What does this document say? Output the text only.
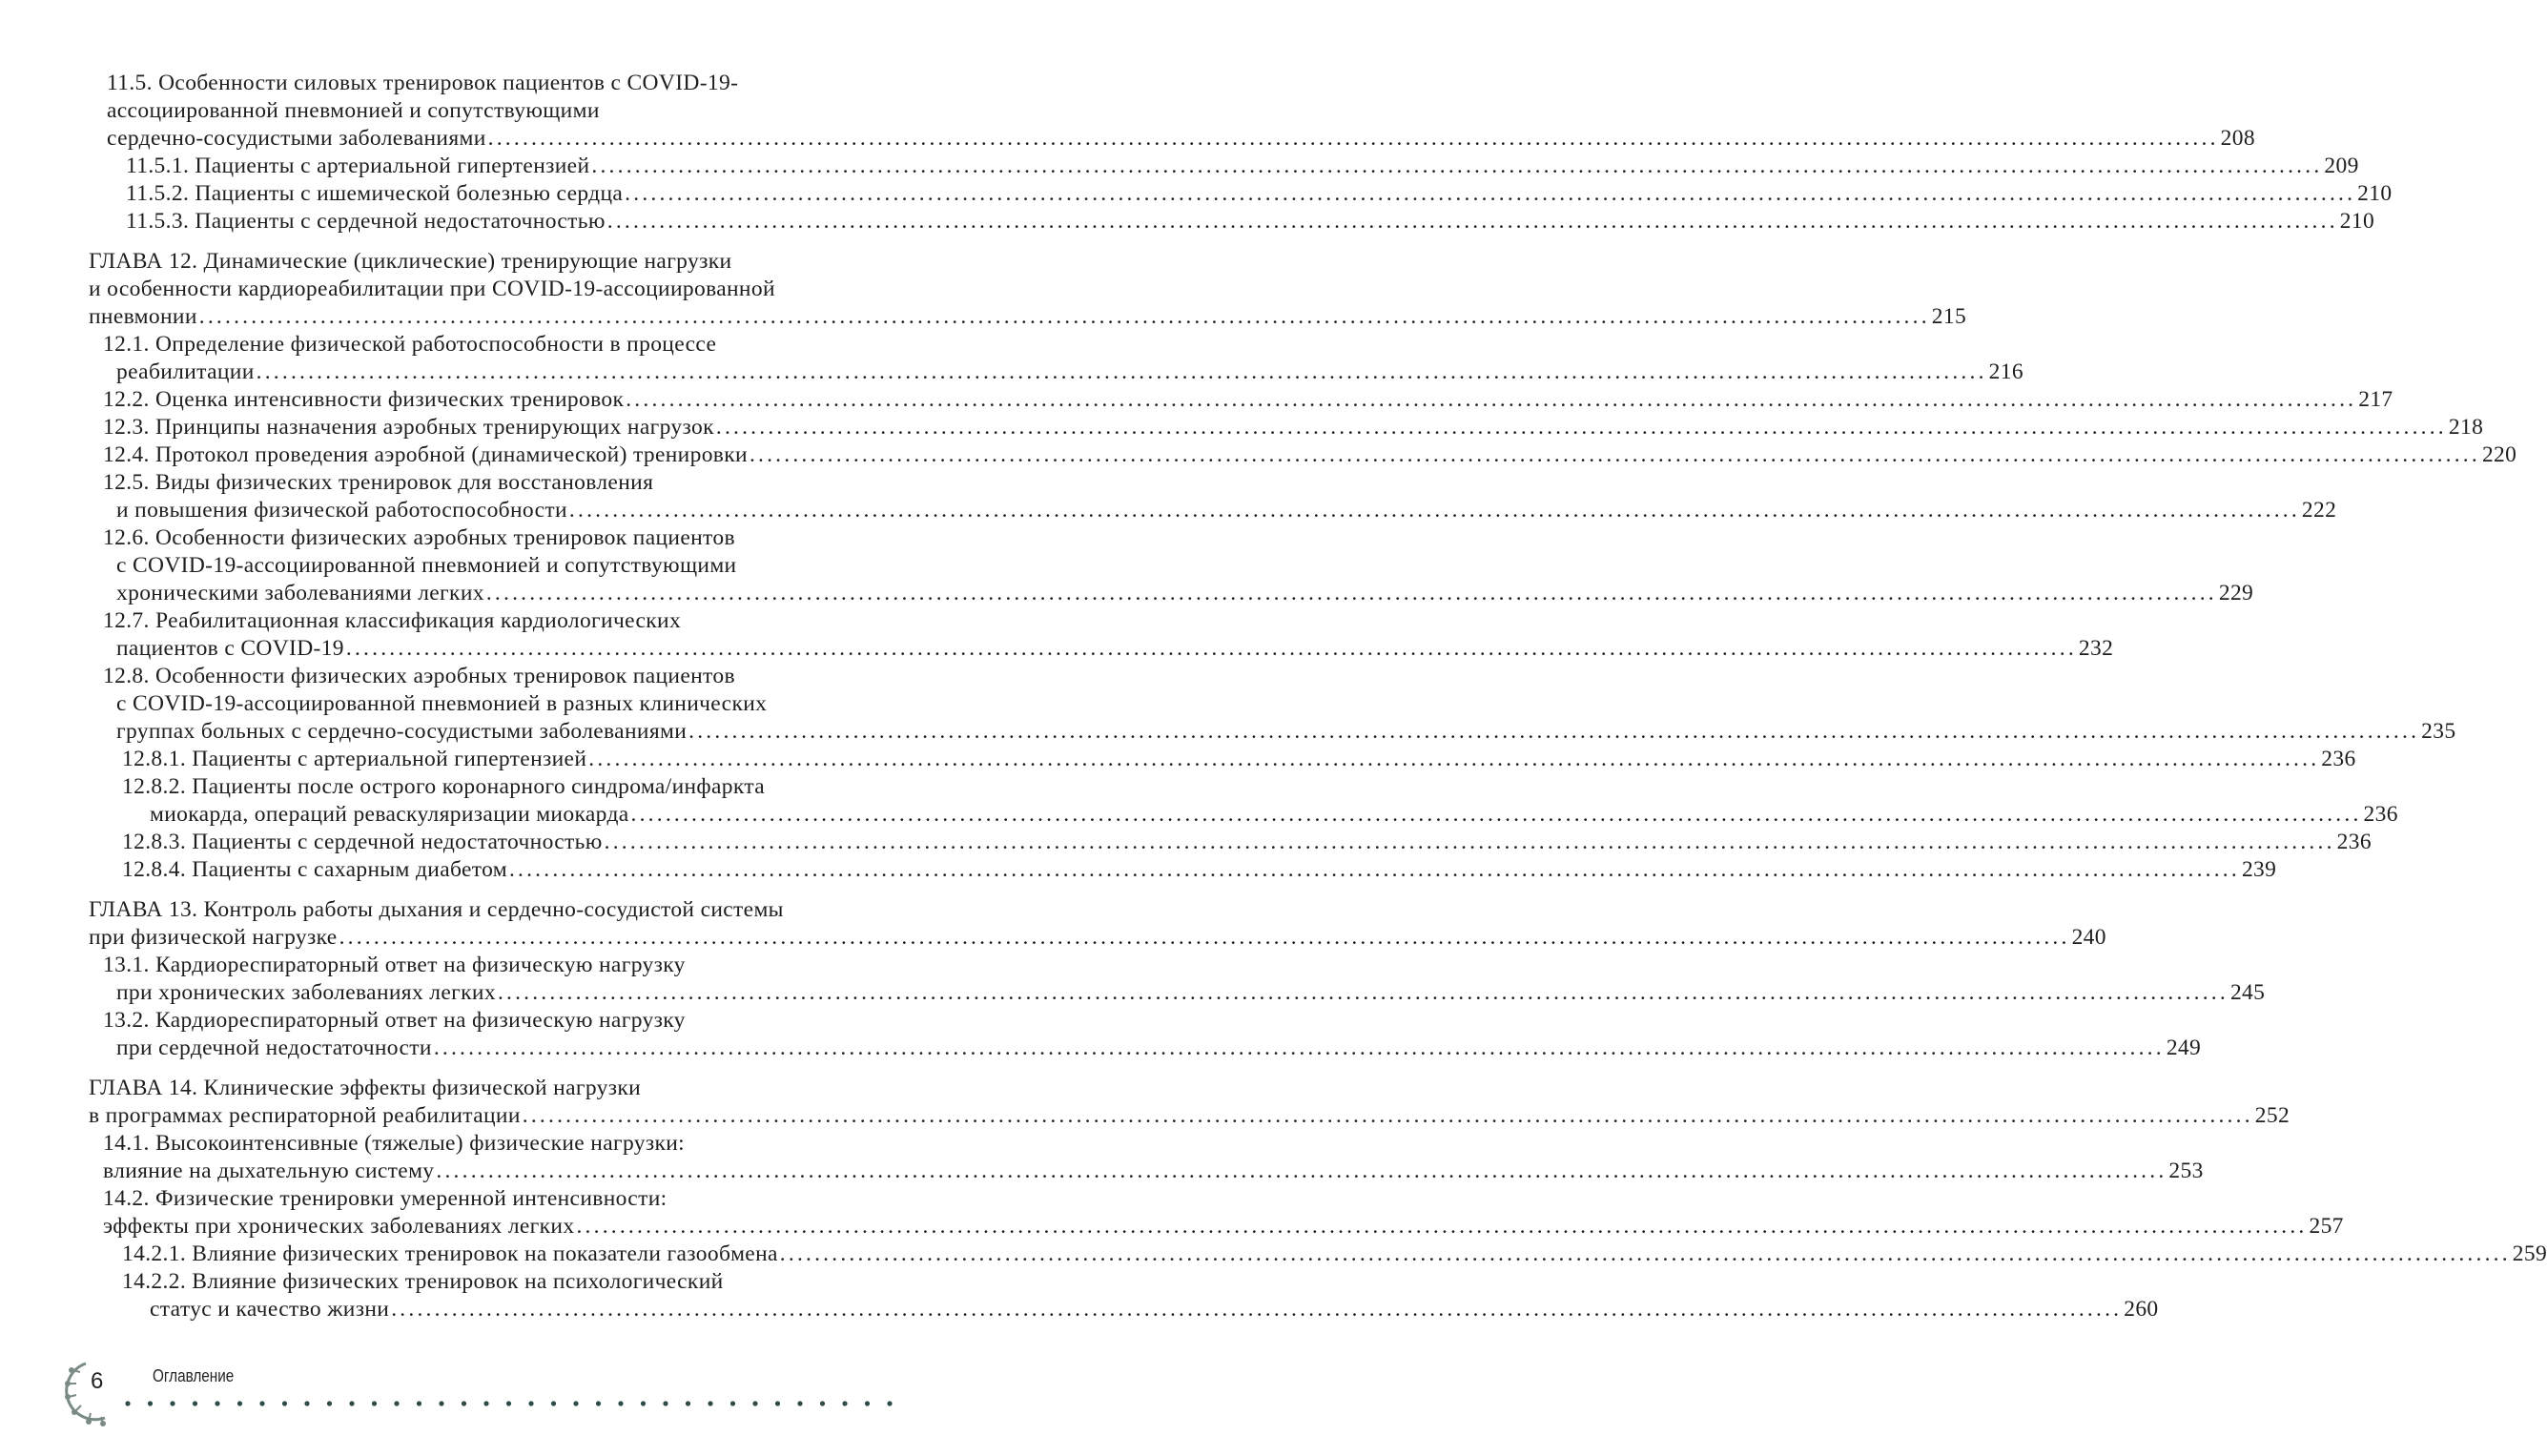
11.5. Особенности силовых тренировок пациентов с COVID-19-
ассоциированной пневмонией и сопутствующими
сердечно-сосудистыми заболеваниями ........................................................................................................................................................................................................ 208
11.5.1. Пациенты с артериальной гипертензией ........................................................................................................................................................................................................ 209
11.5.2. Пациенты с ишемической болезнью сердца ........................................................................................................................................................................................................ 210
11.5.3. Пациенты с сердечной недостаточностью ........................................................................................................................................................................................................ 210
ГЛАВА 12. Динамические (циклические) тренирующие нагрузки
и особенности кардиореабилитации при COVID-19-ассоциированной
пневмонии ........................................................................................................................................................................................................ 215
12.1. Определение физической работоспособности в процессе
реабилитации ........................................................................................................................................................................................................ 216
12.2. Оценка интенсивности физических тренировок ........................................................................................................................................................................................................ 217
12.3. Принципы назначения аэробных тренирующих нагрузок ........................................................................................................................................................................................................ 218
12.4. Протокол проведения аэробной (динамической) тренировки ........................................................................................................................................................................................................ 220
12.5. Виды физических тренировок для восстановления
и повышения физической работоспособности ........................................................................................................................................................................................................ 222
12.6. Особенности физических аэробных тренировок пациентов
с COVID-19-ассоциированной пневмонией и сопутствующими
хроническими заболеваниями легких ........................................................................................................................................................................................................ 229
12.7. Реабилитационная классификация кардиологических
пациентов с COVID-19 ........................................................................................................................................................................................................ 232
12.8. Особенности физических аэробных тренировок пациентов
с COVID-19-ассоциированной пневмонией в разных клинических
группах больных с сердечно-сосудистыми заболеваниями ........................................................................................................................................................................................................ 235
12.8.1. Пациенты с артериальной гипертензией ........................................................................................................................................................................................................ 236
12.8.2. Пациенты после острого коронарного синдрома/инфаркта
миокарда, операций реваскуляризации миокарда ........................................................................................................................................................................................................ 236
12.8.3. Пациенты с сердечной недостаточностью ........................................................................................................................................................................................................ 236
12.8.4. Пациенты с сахарным диабетом ........................................................................................................................................................................................................ 239
ГЛАВА 13. Контроль работы дыхания и сердечно-сосудистой системы
при физической нагрузке ........................................................................................................................................................................................................ 240
13.1. Кардиореспираторный ответ на физическую нагрузку
при хронических заболеваниях легких ........................................................................................................................................................................................................ 245
13.2. Кардиореспираторный ответ на физическую нагрузку
при сердечной недостаточности ........................................................................................................................................................................................................ 249
ГЛАВА 14. Клинические эффекты физической нагрузки
в программах респираторной реабилитации ........................................................................................................................................................................................................ 252
14.1. Высокоинтенсивные (тяжелые) физические нагрузки:
влияние на дыхательную систему ........................................................................................................................................................................................................ 253
14.2. Физические тренировки умеренной интенсивности:
эффекты при хронических заболеваниях легких ........................................................................................................................................................................................................ 257
14.2.1. Влияние физических тренировок на показатели газообмена ........................................................................................................................................................................................................ 259
14.2.2. Влияние физических тренировок на психологический
статус и качество жизни ........................................................................................................................................................................................................ 260
6	Оглавление
